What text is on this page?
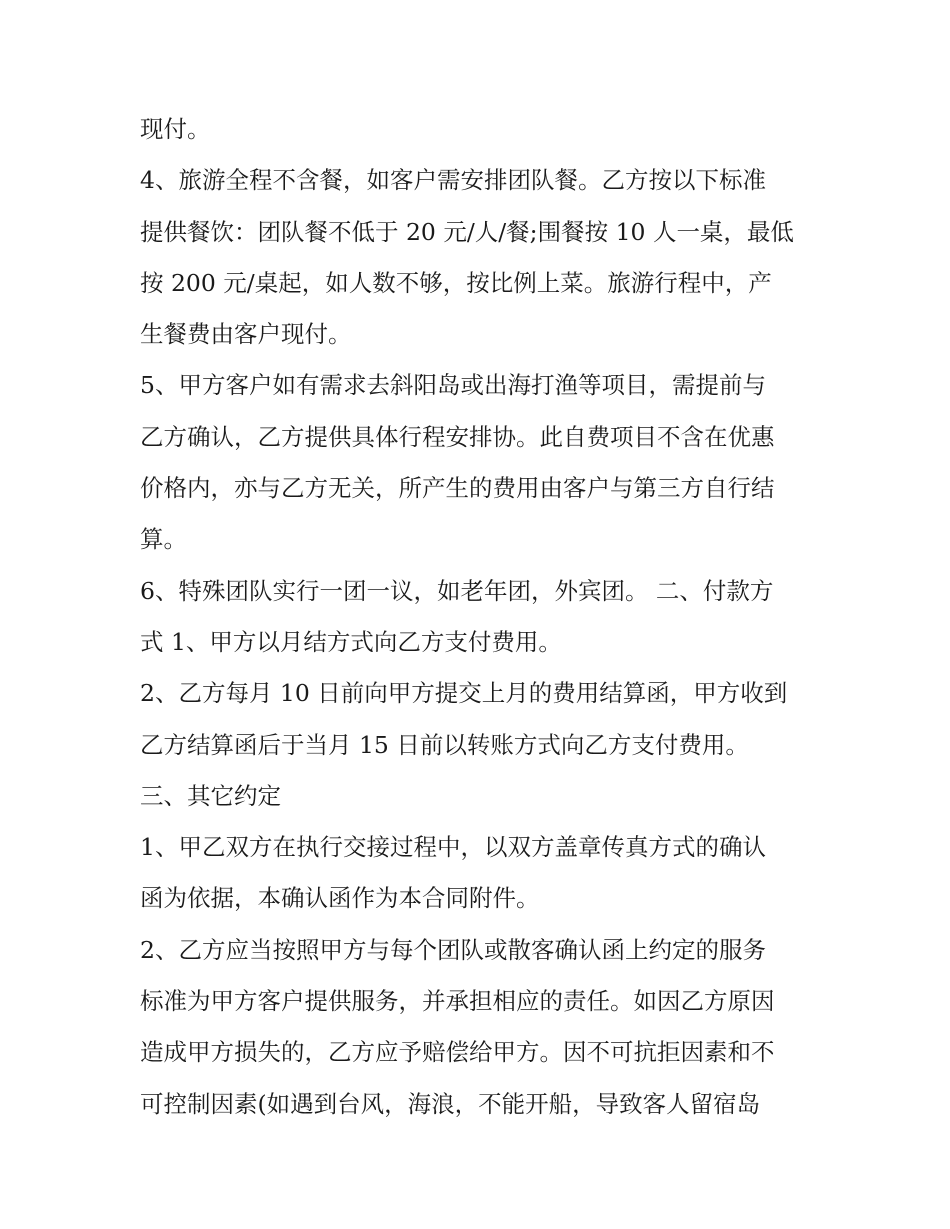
现付。
4、旅游全程不含餐，如客户需安排团队餐。乙方按以下标准
提供餐饮：团队餐不低于 20 元/人/餐;围餐按 10 人一桌，最低
按 200 元/桌起，如人数不够，按比例上菜。旅游行程中，产
生餐费由客户现付。
5、甲方客户如有需求去斜阳岛或出海打渔等项目，需提前与
乙方确认，乙方提供具体行程安排协。此自费项目不含在优惠
价格内，亦与乙方无关，所产生的费用由客户与第三方自行结
算。
6、特殊团队实行一团一议，如老年团，外宾团。 二、付款方
式 1、甲方以月结方式向乙方支付费用。
2、乙方每月 10 日前向甲方提交上月的费用结算函，甲方收到
乙方结算函后于当月 15 日前以转账方式向乙方支付费用。
三、其它约定
1、甲乙双方在执行交接过程中，以双方盖章传真方式的确认
函为依据，本确认函作为本合同附件。
2、乙方应当按照甲方与每个团队或散客确认函上约定的服务
标准为甲方客户提供服务，并承担相应的责任。如因乙方原因
造成甲方损失的，乙方应予赔偿给甲方。因不可抗拒因素和不
可控制因素(如遇到台风，海浪，不能开船，导致客人留宿岛
